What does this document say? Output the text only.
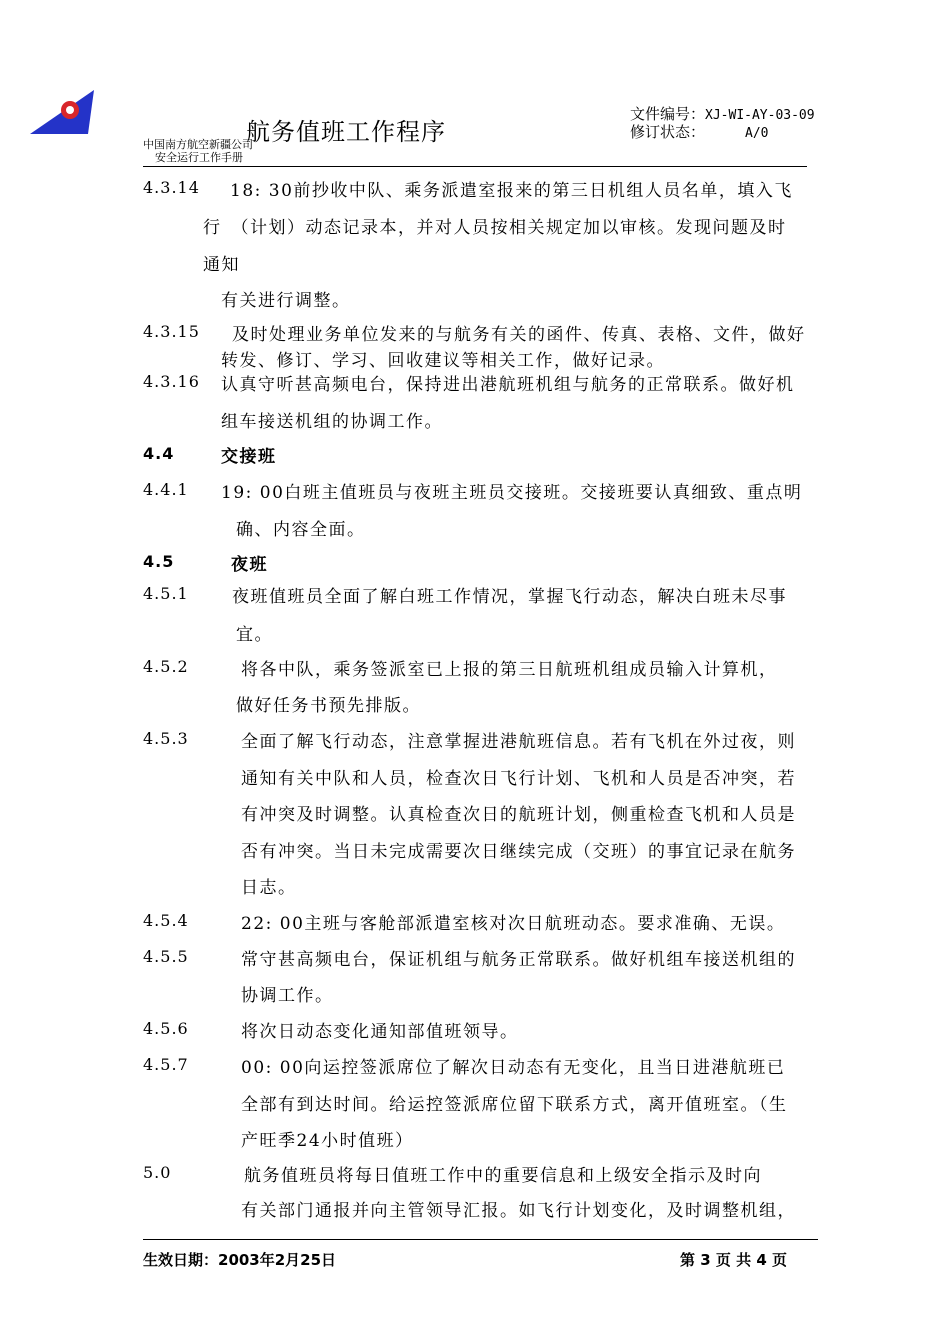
航务值班工作程序
中国南方航空新疆公司
安全运行工作手册
文件编号：XJ-WI-AY-03-09
修订状态：	A/0
4.3.14 18: 30前抄收中队、乘务派遣室报来的第三日机组人员名单，填入飞
行　（计划）动态记录本，并对人员按相关规定加以审核。发现问题及时
通知
有关进行调整。
4.3.15 及时处理业务单位发来的与航务有关的函件、传真、表格、文件，做好
转发、修订、学习、回收建议等相关工作，做好记录。
4.3.16 认真守听甚高频电台，保持进出港航班机组与航务的正常联系。做好机
组车接送机组的协调工作。
4.4	交接班
4.4.1 19: 00白班主值班员与夜班主班员交接班。交接班要认真细致、重点明
确、内容全面。
4.5	夜班
4.5.1	夜班值班员全面了解白班工作情况，掌握飞行动态，解决白班未尽事
宜。
4.5.2	将各中队，乘务签派室已上报的第三日航班机组成员输入计算机，
做好任务书预先排版。
4.5.3	全面了解飞行动态，注意掌握进港航班信息。若有飞机在外过夜，则
通知有关中队和人员，检查次日飞行计划、飞机和人员是否冲突，若
有冲突及时调整。认真检查次日的航班计划，侧重检查飞机和人员是
否有冲突。当日未完成需要次日继续完成（交班）的事宜记录在航务
日志。
4.5.4	22: 00主班与客舱部派遣室核对次日航班动态。要求准确、无误。
4.5.5	常守甚高频电台，保证机组与航务正常联系。做好机组车接送机组的
协调工作。
4.5.6	将次日动态变化通知部值班领导。
4.5.7	00: 00向运控签派席位了解次日动态有无变化，且当日进港航班已
全部有到达时间。给运控签派席位留下联系方式，离开值班室。（生
产旺季24小时值班）
5.0	航务值班员将每日值班工作中的重要信息和上级安全指示及时向
有关部门通报并向主管领导汇报。如飞行计划变化，及时调整机组，
生效日期：2003年2月25日	第 3 页 共 4 页
